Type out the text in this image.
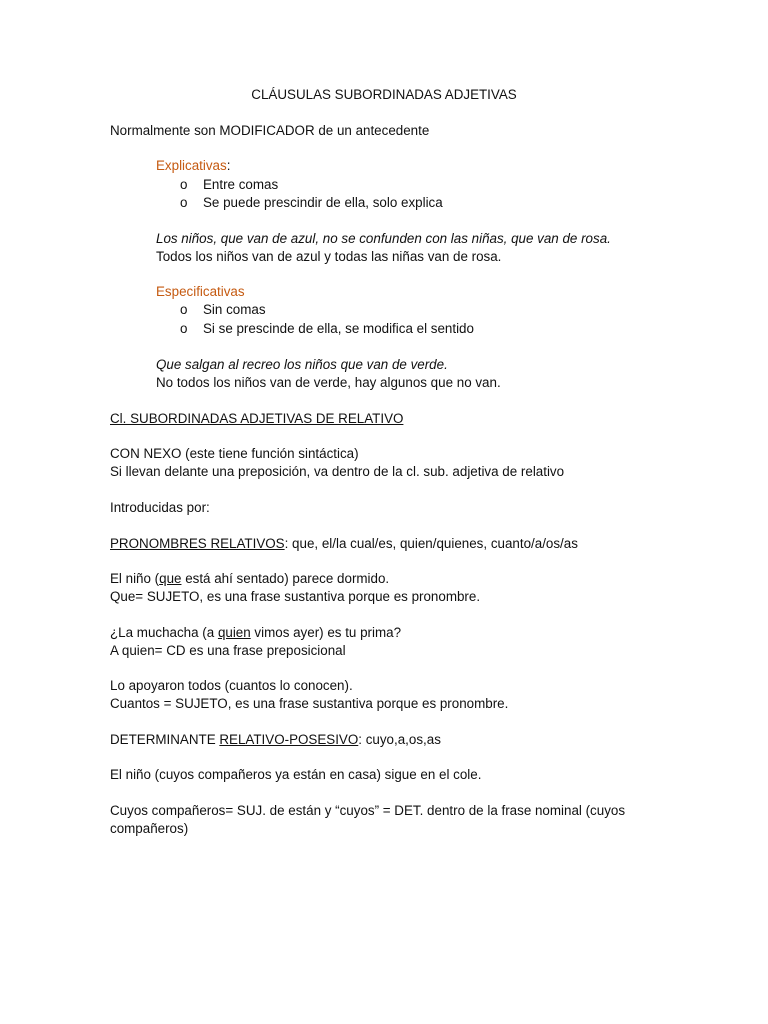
CLÁUSULAS SUBORDINADAS ADJETIVAS
Normalmente son MODIFICADOR de un antecedente
Explicativas:
o Entre comas
o Se puede prescindir de ella, solo explica
Los niños, que van de azul, no se confunden con las niñas, que van de rosa.
Todos los niños van de azul y todas las niñas van de rosa.
Especificativas
o Sin comas
o Si se prescinde de ella, se modifica el sentido
Que salgan al recreo los niños que van de verde.
No todos los niños van de verde, hay algunos que no van.
Cl. SUBORDINADAS ADJETIVAS DE RELATIVO
CON NEXO (este tiene función sintáctica)
Si llevan delante una preposición, va dentro de la cl. sub. adjetiva de relativo
Introducidas por:
PRONOMBRES RELATIVOS: que, el/la cual/es, quien/quienes, cuanto/a/os/as
El niño (que está ahí sentado) parece dormido.
Que= SUJETO, es una frase sustantiva porque es pronombre.
¿La muchacha (a quien vimos ayer) es tu prima?
A quien= CD es una frase preposicional
Lo apoyaron todos (cuantos lo conocen).
Cuantos = SUJETO, es una frase sustantiva porque es pronombre.
DETERMINANTE RELATIVO-POSESIVO: cuyo,a,os,as
El niño (cuyos compañeros ya están en casa) sigue en el cole.
Cuyos compañeros= SUJ. de están y “cuyos” = DET. dentro de la frase nominal (cuyos
compañeros)
